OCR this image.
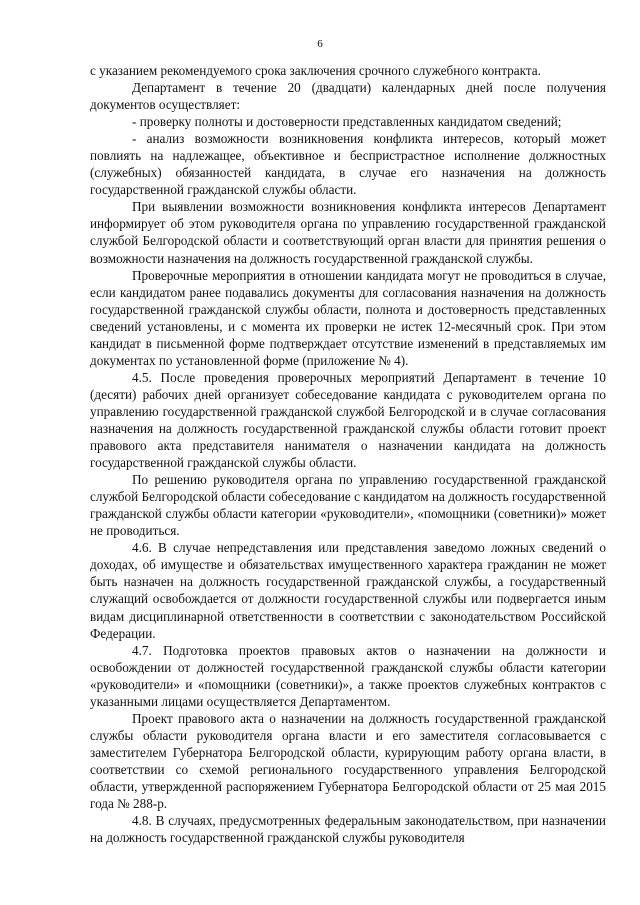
6

с указанием рекомендуемого срока заключения срочного служебного контракта.

Департамент в течение 20 (двадцати) календарных дней после получения документов осуществляет:

- проверку полноты и достоверности представленных кандидатом сведений;

- анализ возможности возникновения конфликта интересов, который может повлиять на надлежащее, объективное и беспристрастное исполнение должностных (служебных) обязанностей кандидата, в случае его назначения на должность государственной гражданской службы области.

При выявлении возможности возникновения конфликта интересов Департамент информирует об этом руководителя органа по управлению государственной гражданской службой Белгородской области и соответствующий орган власти для принятия решения о возможности назначения на должность государственной гражданской службы.

Проверочные мероприятия в отношении кандидата могут не проводиться в случае, если кандидатом ранее подавались документы для согласования назначения на должность государственной гражданской службы области, полнота и достоверность представленных сведений установлены, и с момента их проверки не истек 12-месячный срок. При этом кандидат в письменной форме подтверждает отсутствие изменений в представляемых им документах по установленной форме (приложение № 4).

4.5. После проведения проверочных мероприятий Департамент в течение 10 (десяти) рабочих дней организует собеседование кандидата с руководителем органа по управлению государственной гражданской службой Белгородской и в случае согласования назначения на должность государственной гражданской службы области готовит проект правового акта представителя нанимателя о назначении кандидата на должность государственной гражданской службы области.

По решению руководителя органа по управлению государственной гражданской службой Белгородской области собеседование с кандидатом на должность государственной гражданской службы области категории «руководители», «помощники (советники)» может не проводиться.

4.6. В случае непредставления или представления заведомо ложных сведений о доходах, об имуществе и обязательствах имущественного характера гражданин не может быть назначен на должность государственной гражданской службы, а государственный служащий освобождается от должности государственной службы или подвергается иным видам дисциплинарной ответственности в соответствии с законодательством Российской Федерации.

4.7. Подготовка проектов правовых актов о назначении на должности и освобождении от должностей государственной гражданской службы области категории «руководители» и «помощники (советники)», а также проектов служебных контрактов с указанными лицами осуществляется Департаментом.

Проект правового акта о назначении на должность государственной гражданской службы области руководителя органа власти и его заместителя согласовывается с заместителем Губернатора Белгородской области, курирующим работу органа власти, в соответствии со схемой регионального государственного управления Белгородской области, утвержденной распоряжением Губернатора Белгородской области от 25 мая 2015 года № 288-р.

4.8. В случаях, предусмотренных федеральным законодательством, при назначении на должность государственной гражданской службы руководителя
